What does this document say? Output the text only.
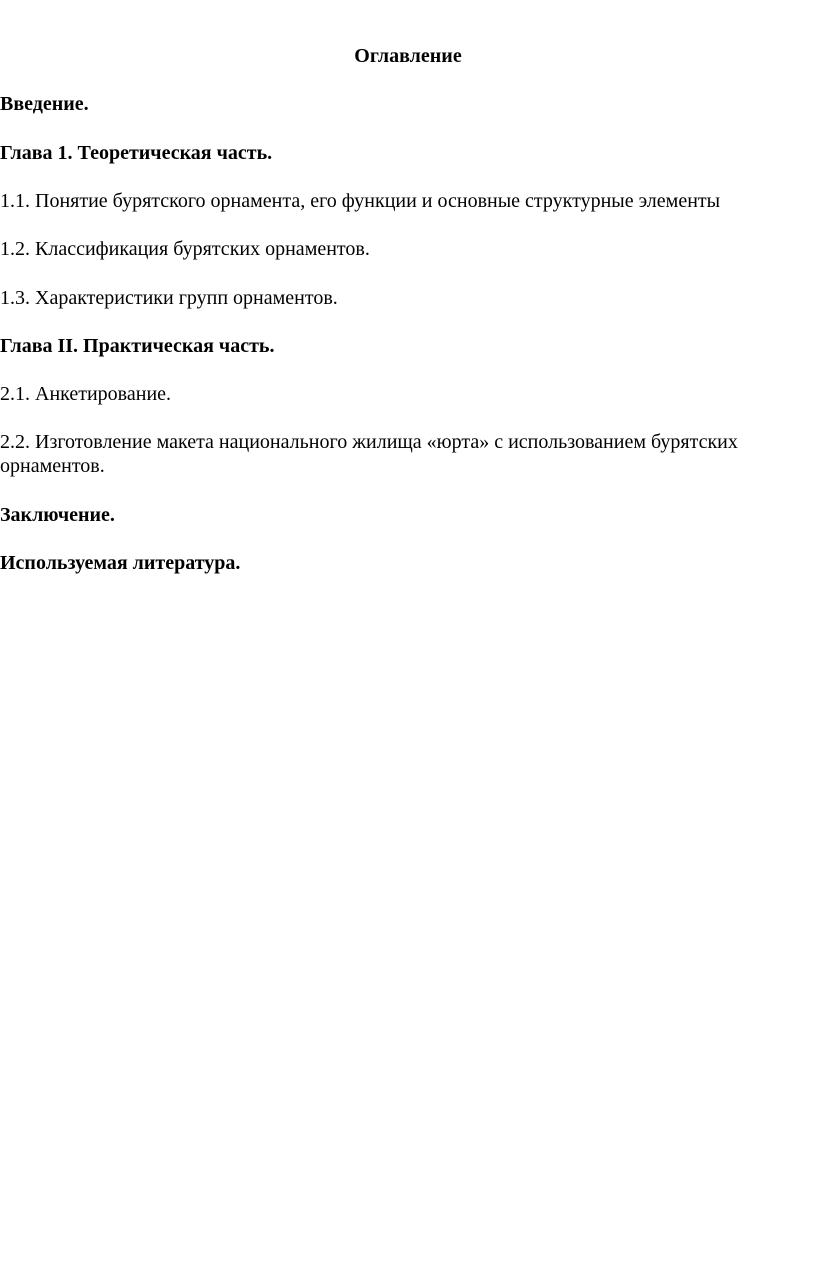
Оглавление
Введение.
Глава 1. Теоретическая часть.
1.1. Понятие бурятского орнамента, его функции и основные структурные элементы
1.2. Классификация бурятских орнаментов.
1.3. Характеристики групп орнаментов.
Глава II. Практическая часть.
2.1. Анкетирование.
2.2. Изготовление макета национального жилища «юрта» с использованием бурятских орнаментов.
Заключение.
Используемая литература.
